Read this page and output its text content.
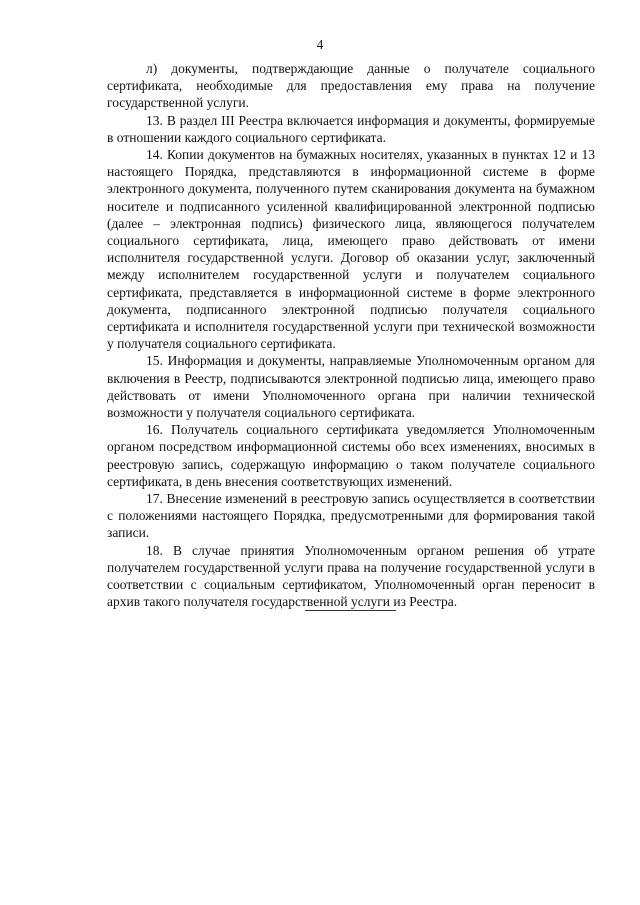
4

л) документы, подтверждающие данные о получателе социального сертификата, необходимые для предоставления ему права на получение государственной услуги.

13. В раздел III Реестра включается информация и документы, формируемые в отношении каждого социального сертификата.

14. Копии документов на бумажных носителях, указанных в пунктах 12 и 13 настоящего Порядка, представляются в информационной системе в форме электронного документа, полученного путем сканирования документа на бумажном носителе и подписанного усиленной квалифицированной электронной подписью (далее – электронная подпись) физического лица, являющегося получателем социального сертификата, лица, имеющего право действовать от имени исполнителя государственной услуги. Договор об оказании услуг, заключенный между исполнителем государственной услуги и получателем социального сертификата, представляется в информационной системе в форме электронного документа, подписанного электронной подписью получателя социального сертификата и исполнителя государственной услуги при технической возможности у получателя социального сертификата.

15. Информация и документы, направляемые Уполномоченным органом для включения в Реестр, подписываются электронной подписью лица, имеющего право действовать от имени Уполномоченного органа при наличии технической возможности у получателя социального сертификата.

16. Получатель социального сертификата уведомляется Уполномоченным органом посредством информационной системы обо всех изменениях, вносимых в реестровую запись, содержащую информацию о таком получателе социального сертификата, в день внесения соответствующих изменений.

17. Внесение изменений в реестровую запись осуществляется в соответствии с положениями настоящего Порядка, предусмотренными для формирования такой записи.

18. В случае принятия Уполномоченным органом решения об утрате получателем государственной услуги права на получение государственной услуги в соответствии с социальным сертификатом, Уполномоченный орган переносит в архив такого получателя государственной услуги из Реестра.
